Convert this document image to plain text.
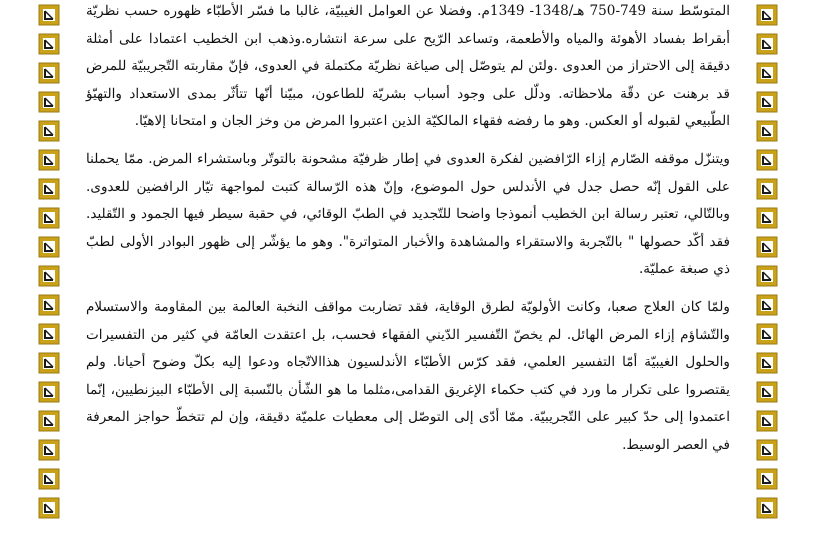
المتوسّط سنة 749-750 هـ/1348- 1349م. وفضلا عن العوامل الغيبيّة، غالبا ما فسّر الأطبّاء ظهوره حسب نظريّة أبقراط بفساد الأهوئة والمياه والأطعمة، وتساعد الرّيح على سرعة انتشاره.وذهب ابن الخطيب اعتمادا على أمثلة دقيقة إلى الاحتراز من العدوى .ولئن لم يتوصّل إلى صياغة نظريّة مكتملة في العدوى، فإنّ مقاربته التّجريبيّة للمرض قد برهنت عن دقّة ملاحظاته. ودلّل على وجود أسباب بشريّة للطاعون، مبيّنا أنّها تتأثّر بمدى الاستعداد والتهيّؤ الطّبيعي لقبوله أو العكس. وهو ما رفضه فقهاء المالكيّة الذين اعتبروا المرض من وخز الجان و امتحانا إلاهيّا.

ويتنزّل موقفه الصّارم إزاء الرّافضين لفكرة العدوى في إطار ظرفيّة مشحونة بالتوتّر وباستشراء المرض. ممّا يحملنا على القول إنّه حصل جدل في الأندلس حول الموضوع، وإنّ هذه الرّسالة كتبت لمواجهة تيّار الرافضين للعدوى. وبالتّالي، تعتبر رسالة ابن الخطيب أنموذجا واضحا للتّجديد في الطبّ الوقائي، في حقبة سيطر فيها الجمود و التّقليد. فقد أكّد حصولها " بالتّجربة والاستقراء والمشاهدة والأخبار المتواترة". وهو ما يؤشّر إلى ظهور البوادر الأولى لطبّ ذي صبغة عمليّة.

ولمّا كان العلاج صعبا، وكانت الأولويّة لطرق الوقاية، فقد تضاربت مواقف النخبة العالمة بين المقاومة والاستسلام والتّشاؤم إزاء المرض الهائل. لم يخصّ التّفسير الدّيني الفقهاء فحسب، بل اعتقدت العامّة في كثير من التفسيرات والحلول الغيبيّة أمّا التفسير العلمي، فقد كرّس الأطبّاء الأندلسيون هذاالاتّجاه ودعوا إليه بكلّ وضوح أحيانا. ولم يقتصروا على تكرار ما ورد في كتب حكماء الإغريق القدامى،مثلما ما هو الشّأن بالنّسبة إلى الأطبّاء البيزنطيين، إنّما اعتمدوا إلى حدّ كبير على التّجريبيّة. ممّا أدّى إلى التوصّل إلى معطيات علميّة دقيقة، وإن لم تتخطّ حواجز المعرفة في العصر الوسيط.
